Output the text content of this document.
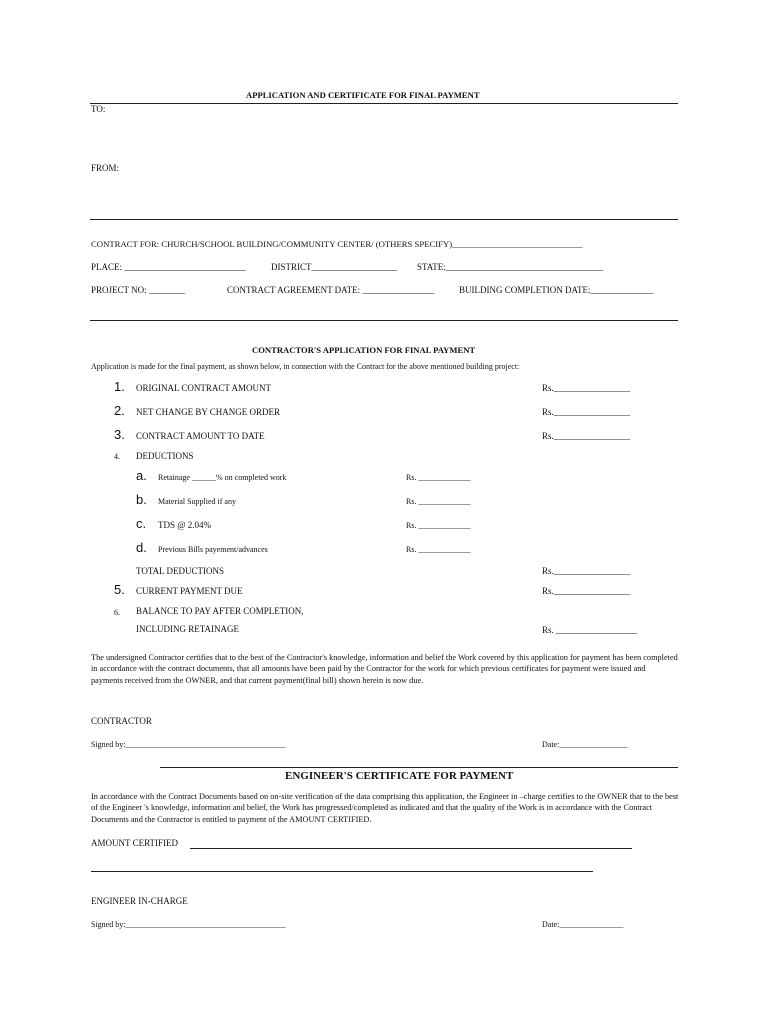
APPLICATION AND CERTIFICATE FOR FINAL PAYMENT
TO:
FROM:
CONTRACT FOR: CHURCH/SCHOOL BUILDING/COMMUNITY CENTER/ (OTHERS SPECIFY)______________________________
PLACE: ___________________________	DISTRICT___________________ STATE:___________________________________
PROJECT NO: ________	CONTRACT AGREEMENT DATE: ________________	BUILDING COMPLETION DATE:______________
CONTRACTOR'S APPLICATION FOR FINAL PAYMENT
Application is made for the final payment, as shown below, in connection with the Contract for the above mentioned building project:
1. ORIGINAL CONTRACT AMOUNT	Rs._________________
2. NET CHANGE BY CHANGE ORDER	Rs._________________
3. CONTRACT AMOUNT TO DATE	Rs._________________
4. DEDUCTIONS
a. Retainage ______% on completed work	Rs. _____________
b. Material Supplied if any	Rs. _____________
c. TDS @ 2.04%	Rs. _____________
d. Previous Bills payement/advances	Rs. _____________
TOTAL DEDUCTIONS	Rs._________________
5. CURRENT PAYMENT DUE	Rs._________________
6. BALANCE TO PAY AFTER COMPLETION,
INCLUDING RETAINAGE	Rs. __________________
The undersigned Contractor certifies that to the best of the Contractor's knowledge, information and belief the Work covered by this application for payment has been completed in accordance with the contract documents, that all amounts have been paid by the Contractor for the work for which previous certificates for payment were issued and payments received from the OWNER, and that current payment(final bill) shown herein is now due.
CONTRACTOR
Signed by:________________________________________	Date:_________________
ENGINEER'S CERTIFICATE FOR PAYMENT
In accordance with the Contract Documents based on on-site verification of the data comprising this application, the Engineer in –charge certifies to the OWNER that to the best of the Engineer 's knowledge, information and belief, the Work has progressed/completed as indicated and that the quality of the Work is in accordance with the Contract Documents and the Contractor is entitled to payment of the AMOUNT CERTIFIED.
AMOUNT CERTIFIED
ENGINEER IN-CHARGE
Signed by:________________________________________	Date:________________
